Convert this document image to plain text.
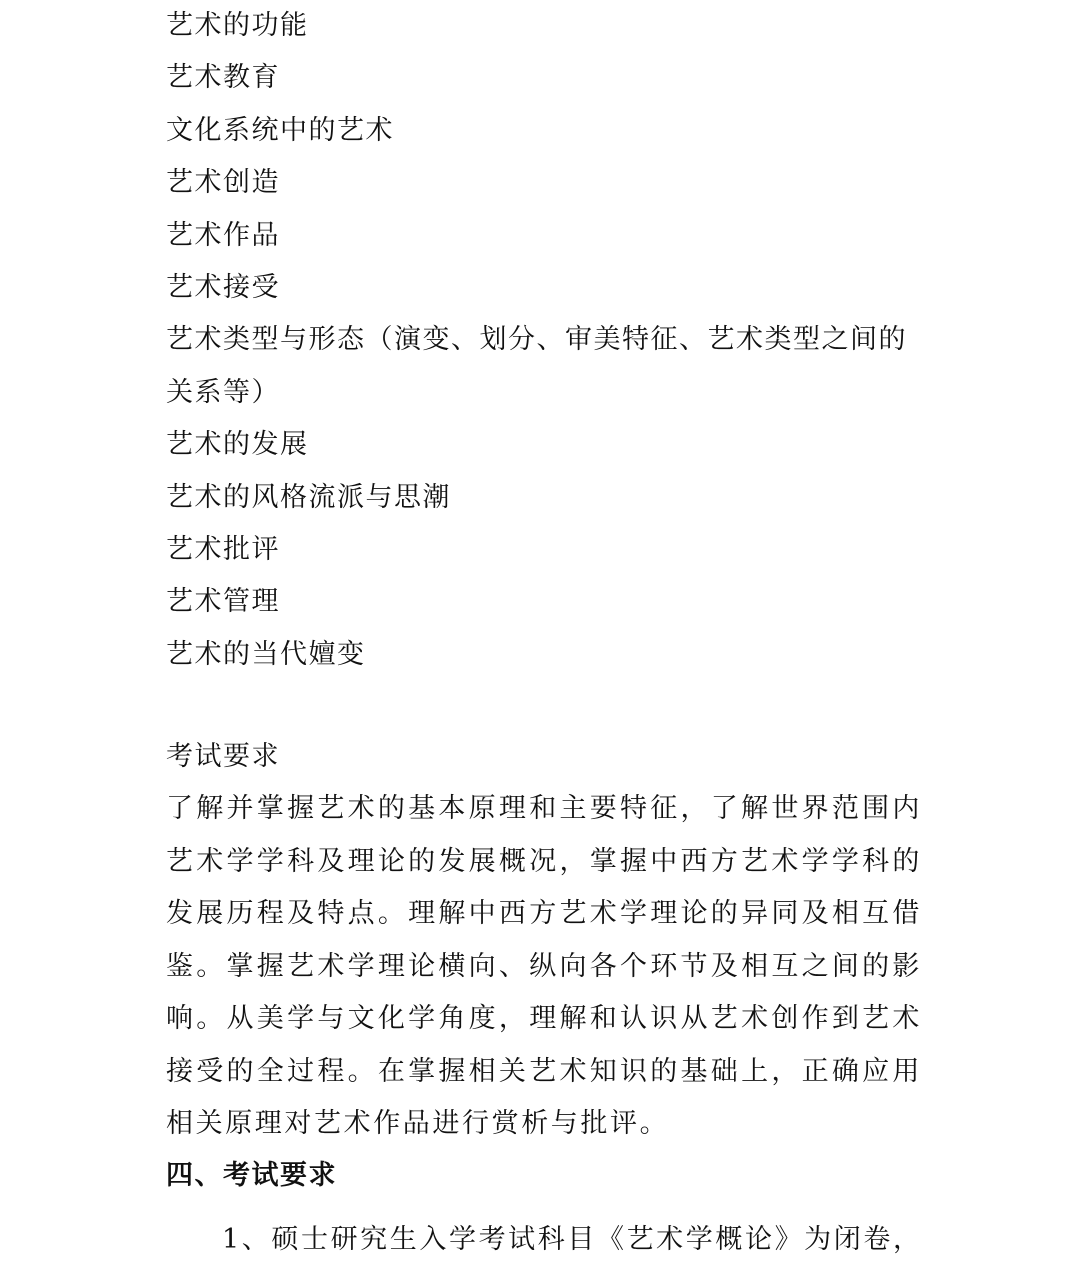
艺术的功能
艺术教育
文化系统中的艺术
艺术创造
艺术作品
艺术接受
艺术类型与形态（演变、划分、审美特征、艺术类型之间的关系等）
艺术的发展
艺术的风格流派与思潮
艺术批评
艺术管理
艺术的当代嬗变
考试要求

了解并掌握艺术的基本原理和主要特征，了解世界范围内艺术学学科及理论的发展概况，掌握中西方艺术学学科的发展历程及特点。理解中西方艺术学理论的异同及相互借鉴。掌握艺术学理论横向、纵向各个环节及相互之间的影响。从美学与文化学角度，理解和认识从艺术创作到艺术接受的全过程。在掌握相关艺术知识的基础上，正确应用相关原理对艺术作品进行赏析与批评。

四、考试要求
1、硕士研究生入学考试科目《艺术学概论》为闭卷，
